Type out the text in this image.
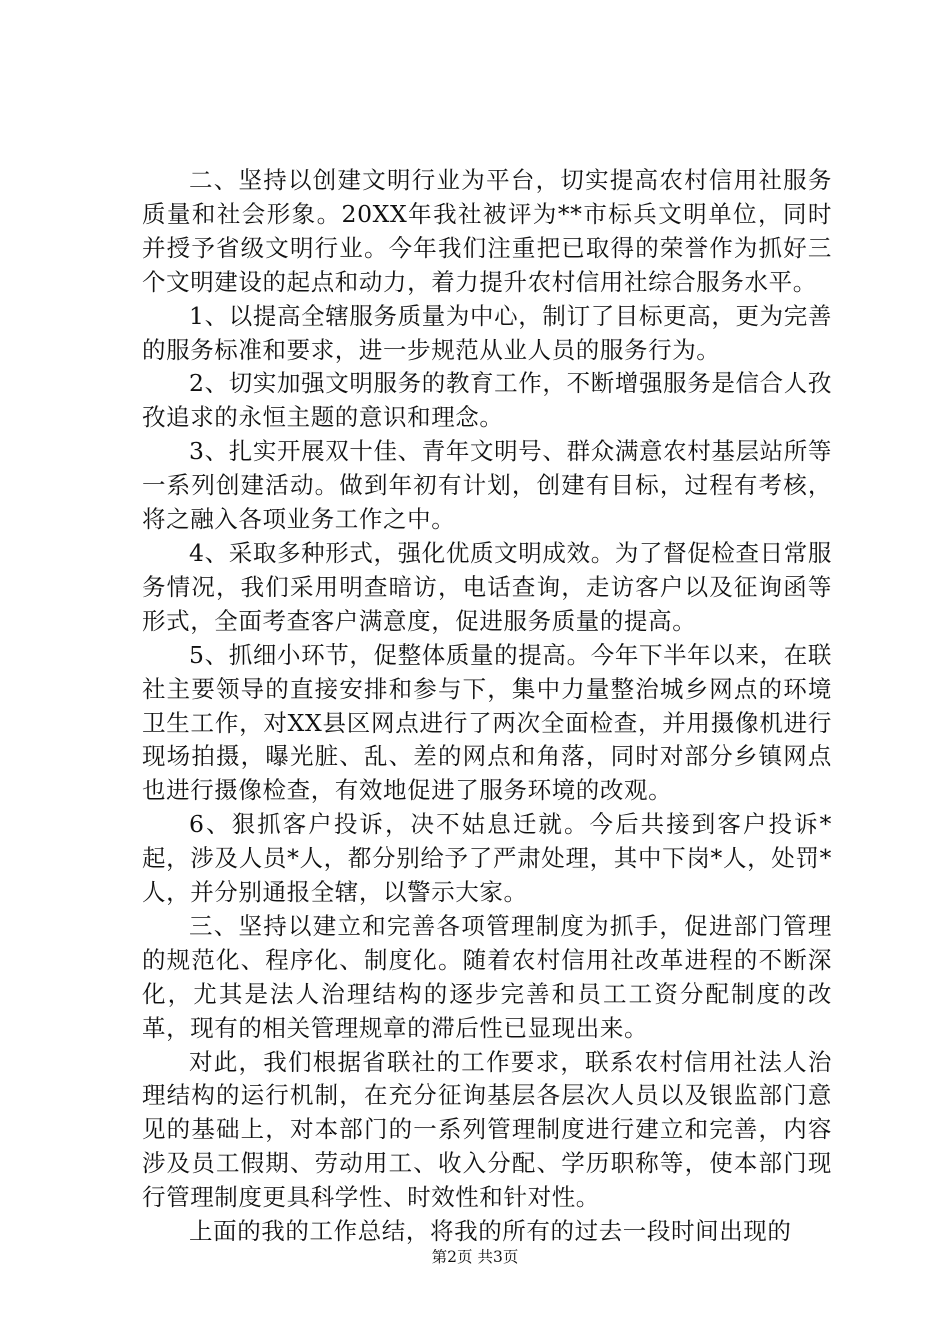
二、坚持以创建文明行业为平台，切实提高农村信用社服务质量和社会形象。20XX年我社被评为**市标兵文明单位，同时并授予省级文明行业。今年我们注重把已取得的荣誉作为抓好三个文明建设的起点和动力，着力提升农村信用社综合服务水平。

1、以提高全辖服务质量为中心，制订了目标更高，更为完善的服务标准和要求，进一步规范从业人员的服务行为。

2、切实加强文明服务的教育工作，不断增强服务是信合人孜孜追求的永恒主题的意识和理念。

3、扎实开展双十佳、青年文明号、群众满意农村基层站所等一系列创建活动。做到年初有计划，创建有目标，过程有考核，将之融入各项业务工作之中。

4、采取多种形式，强化优质文明成效。为了督促检查日常服务情况，我们采用明查暗访，电话查询，走访客户以及征询函等形式，全面考查客户满意度，促进服务质量的提高。

5、抓细小环节，促整体质量的提高。今年下半年以来，在联社主要领导的直接安排和参与下，集中力量整治城乡网点的环境卫生工作，对XX县区网点进行了两次全面检查，并用摄像机进行现场拍摄，曝光脏、乱、差的网点和角落，同时对部分乡镇网点也进行摄像检查，有效地促进了服务环境的改观。

6、狠抓客户投诉，决不姑息迁就。今后共接到客户投诉*起，涉及人员*人，都分别给予了严肃处理，其中下岗*人，处罚*人，并分别通报全辖，以警示大家。

三、坚持以建立和完善各项管理制度为抓手，促进部门管理的规范化、程序化、制度化。随着农村信用社改革进程的不断深化，尤其是法人治理结构的逐步完善和员工工资分配制度的改革，现有的相关管理规章的滞后性已显现出来。

对此，我们根据省联社的工作要求，联系农村信用社法人治理结构的运行机制，在充分征询基层各层次人员以及银监部门意见的基础上，对本部门的一系列管理制度进行建立和完善，内容涉及员工假期、劳动用工、收入分配、学历职称等，使本部门现行管理制度更具科学性、时效性和针对性。

上面的我的工作总结，将我的所有的过去一段时间出现的

第2页 共3页
